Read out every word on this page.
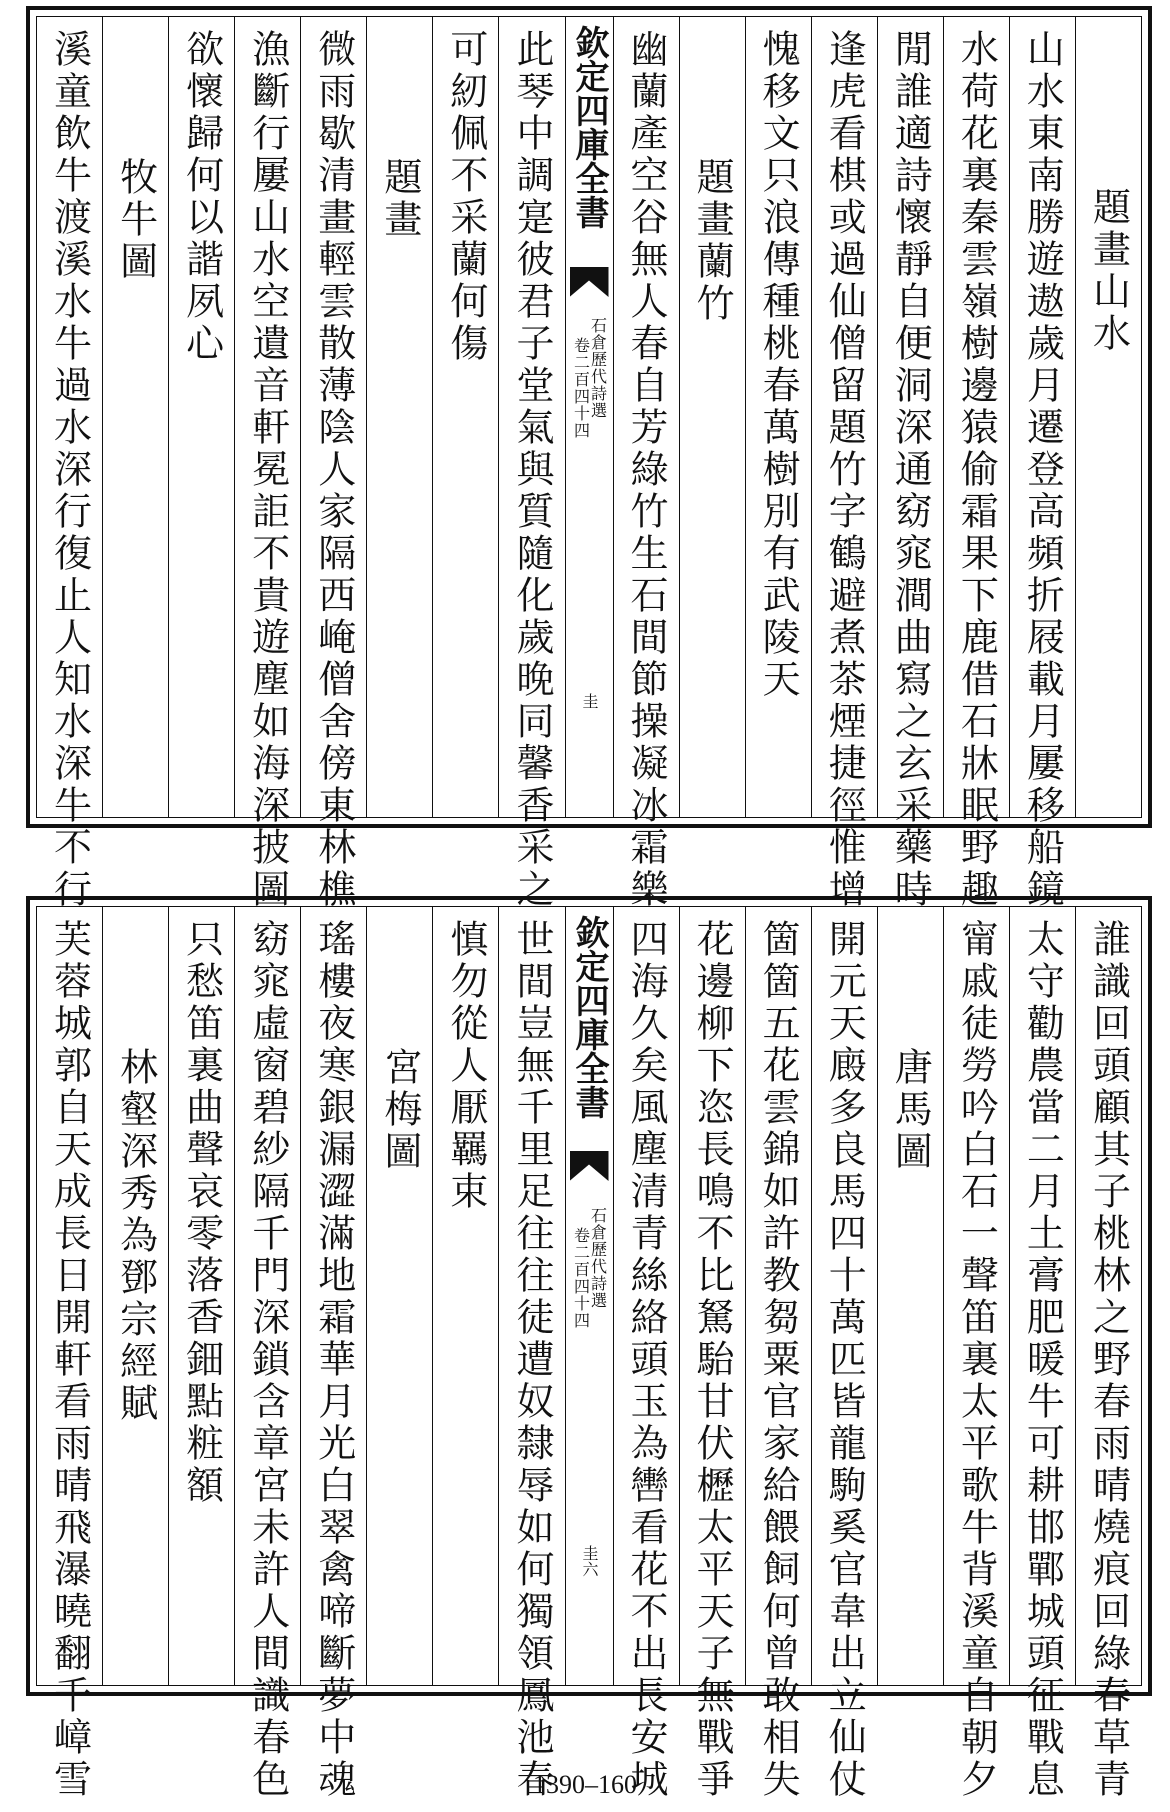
題畫山水
山水東南勝遊遨歲月遷登高頻折屐載月屢移船鏡
水荷花裏秦雲嶺樹邊猿偷霜果下鹿借石牀眠野趣
閒誰適詩懷靜自便洞深通窈窕澗曲寫之玄采藥時
逢虎看棋或過仙僧留題竹字鶴避煮茶煙捷徑惟增
愧移文只浪傳種桃春萬樹別有武陵天
題畫蘭竹
幽蘭產空谷無人春自芳綠竹生石間節操凝冰霜樂
欽定四庫全書
石倉歷代詩選
卷二百四十四
圭
此琴中調寔彼君子堂氣與質隨化歲晚同馨香采之
可紉佩不采蘭何傷
題畫
微雨歇清畫輕雲散薄陰人家隔西崦僧舍傍東林樵
漁斷行屢山水空遺音軒冕詎不貴遊塵如海深披圖
欲懷歸何以諧夙心
牧牛圖
溪童飲牛渡溪水牛過水深行復止人知水深牛不行
誰識回頭顧其子桃林之野春雨晴燒痕回綠春草青
太守勸農當二月土膏肥暖牛可耕邯鄲城頭征戰息
甯戚徒勞吟白石一聲笛裏太平歌牛背溪童自朝夕
唐馬圖
開元天廄多良馬四十萬匹皆龍駒奚官韋出立仙仗
箇箇五花雲錦如許教芻粟官家給餵飼何曾敢相失
花邊柳下恣長鳴不比駑駘甘伏櫪太平天子無戰爭
四海久矣風塵清青絲絡頭玉為轡看花不出長安城
欽定四庫全書
石倉歷代詩選
卷二百四十四
圭六
世間豈無千里足往往徒遭奴隸辱如何獨領鳳池春
慎勿從人厭羈束
宮梅圖
瑤樓夜寒銀漏澀滿地霜華月光白翠禽啼斷夢中魂
窈窕虛窗碧紗隔千門深鎖含章宮未許人間識春色
只愁笛裏曲聲哀零落香鈿點粧額
林壑深秀為鄧宗經賦
芙蓉城郭自天成長日開軒看雨晴飛瀑曉翻千嶂雪	1390–160
